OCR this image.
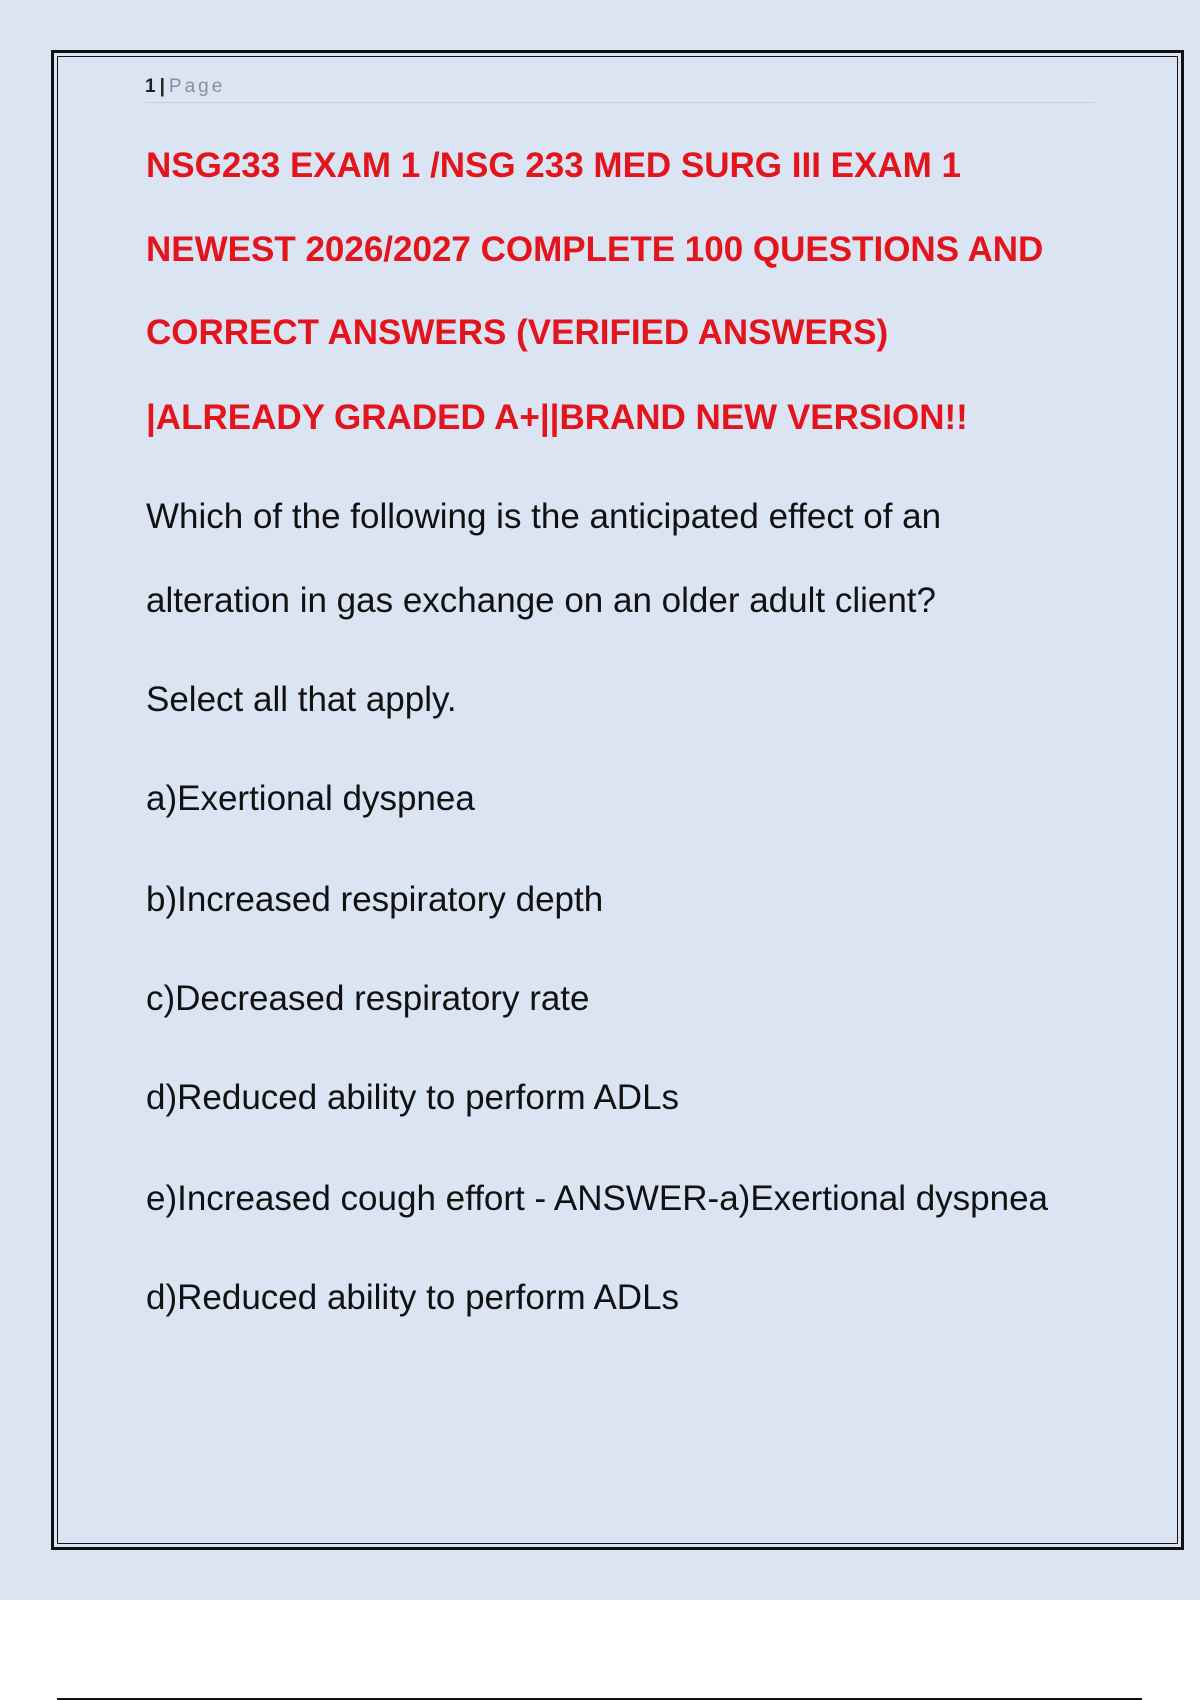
1 | Page
NSG233 EXAM 1 /NSG 233 MED SURG III EXAM 1
NEWEST 2026/2027 COMPLETE 100 QUESTIONS AND
CORRECT ANSWERS (VERIFIED ANSWERS)
|ALREADY GRADED A+||BRAND NEW VERSION!!
Which of the following is the anticipated effect of an
alteration in gas exchange on an older adult client?
Select all that apply.
a)Exertional dyspnea
b)Increased respiratory depth
c)Decreased respiratory rate
d)Reduced ability to perform ADLs
e)Increased cough effort - ANSWER-a)Exertional dyspnea
d)Reduced ability to perform ADLs
